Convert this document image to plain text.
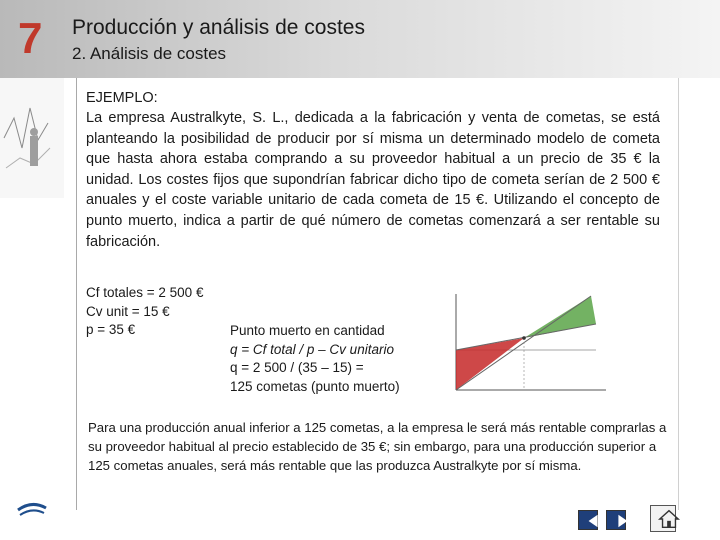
7 Producción y análisis de costes
2. Análisis de costes
EJEMPLO:
La empresa Australkyte, S. L., dedicada a la fabricación y venta de cometas, se está planteando la posibilidad de producir por sí misma un determinado modelo de cometa que hasta ahora estaba comprando a su proveedor habitual a un precio de 35 € la unidad. Los costes fijos que supondrían fabricar dicho tipo de cometa serían de 2 500 € anuales y el coste variable unitario de cada cometa de 15 €. Utilizando el concepto de punto muerto, indica a partir de qué número de cometas comenzará a ser rentable su fabricación.
Cf totales = 2 500 €
Cv unit = 15 €
p = 35 €	Punto muerto en cantidad
q = Cf total / p – Cv unitario
q = 2 500 / (35 – 15) =
125 cometas (punto muerto)
Para una producción anual inferior a 125 cometas, a la empresa le será más rentable comprarlas a su proveedor habitual al precio establecido de 35 €; sin embargo, para una producción superior a 125 cometas anuales, será más rentable que las produzca Australkyte por sí misma.
